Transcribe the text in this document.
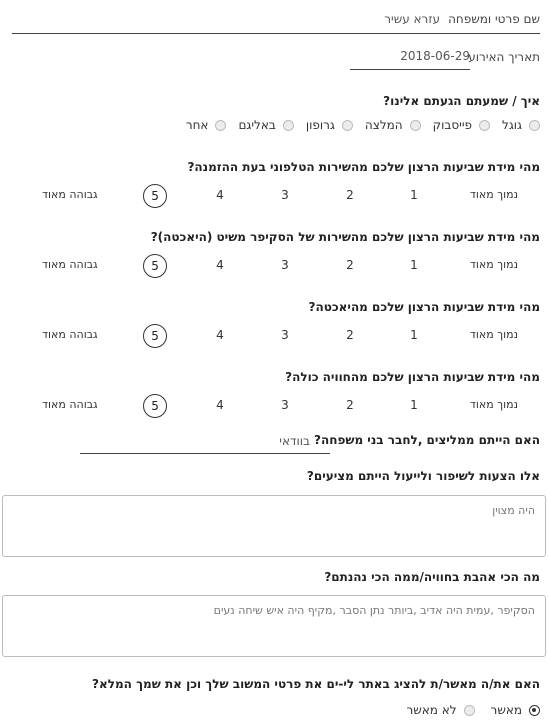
שם פרטי ומשפחה
עזרא עשיר
תאריך האירוע
2018-06-29
איך / שמעתם הגעתם אלינו?
גוגל
פייסבוק
המלצה
גרופון
באליגם
אחר
מהי מידת שביעות הרצון שלכם מהשירות הטלפוני בעת ההזמנה?
נמוך מאוד
גבוהה מאוד	1
2
3
4
5
מהי מידת שביעות הרצון שלכם מהשירות של הסקיפר משיט (היאכטה)?
נמוך מאוד
גבוהה מאוד	1
2
3
4
5
מהי מידת שביעות הרצון שלכם מהיאכטה?
נמוך מאוד
גבוהה מאוד	1
2
3
4
5
מהי מידת שביעות הרצון שלכם מהחוויה כולה?
נמוך מאוד
גבוהה מאוד	1
2
3
4
5
האם הייתם ממליצים ,לחבר בני משפחה?
בוודאי
אלו הצעות לשיפור ולייעול הייתם מציעים?
היה מצוין
מה הכי אהבת בחוויה/ממה הכי נהנתם?
הסקיפר ,עמית היה אדיב ,ביותר נתן הסבר ,מקיף היה איש שיחה נעים
האם את/ה מאשר/ת להציג באתר לי-ים את פרטי המשוב שלך וכן את שמך המלא?
מאשר
לא מאשר
